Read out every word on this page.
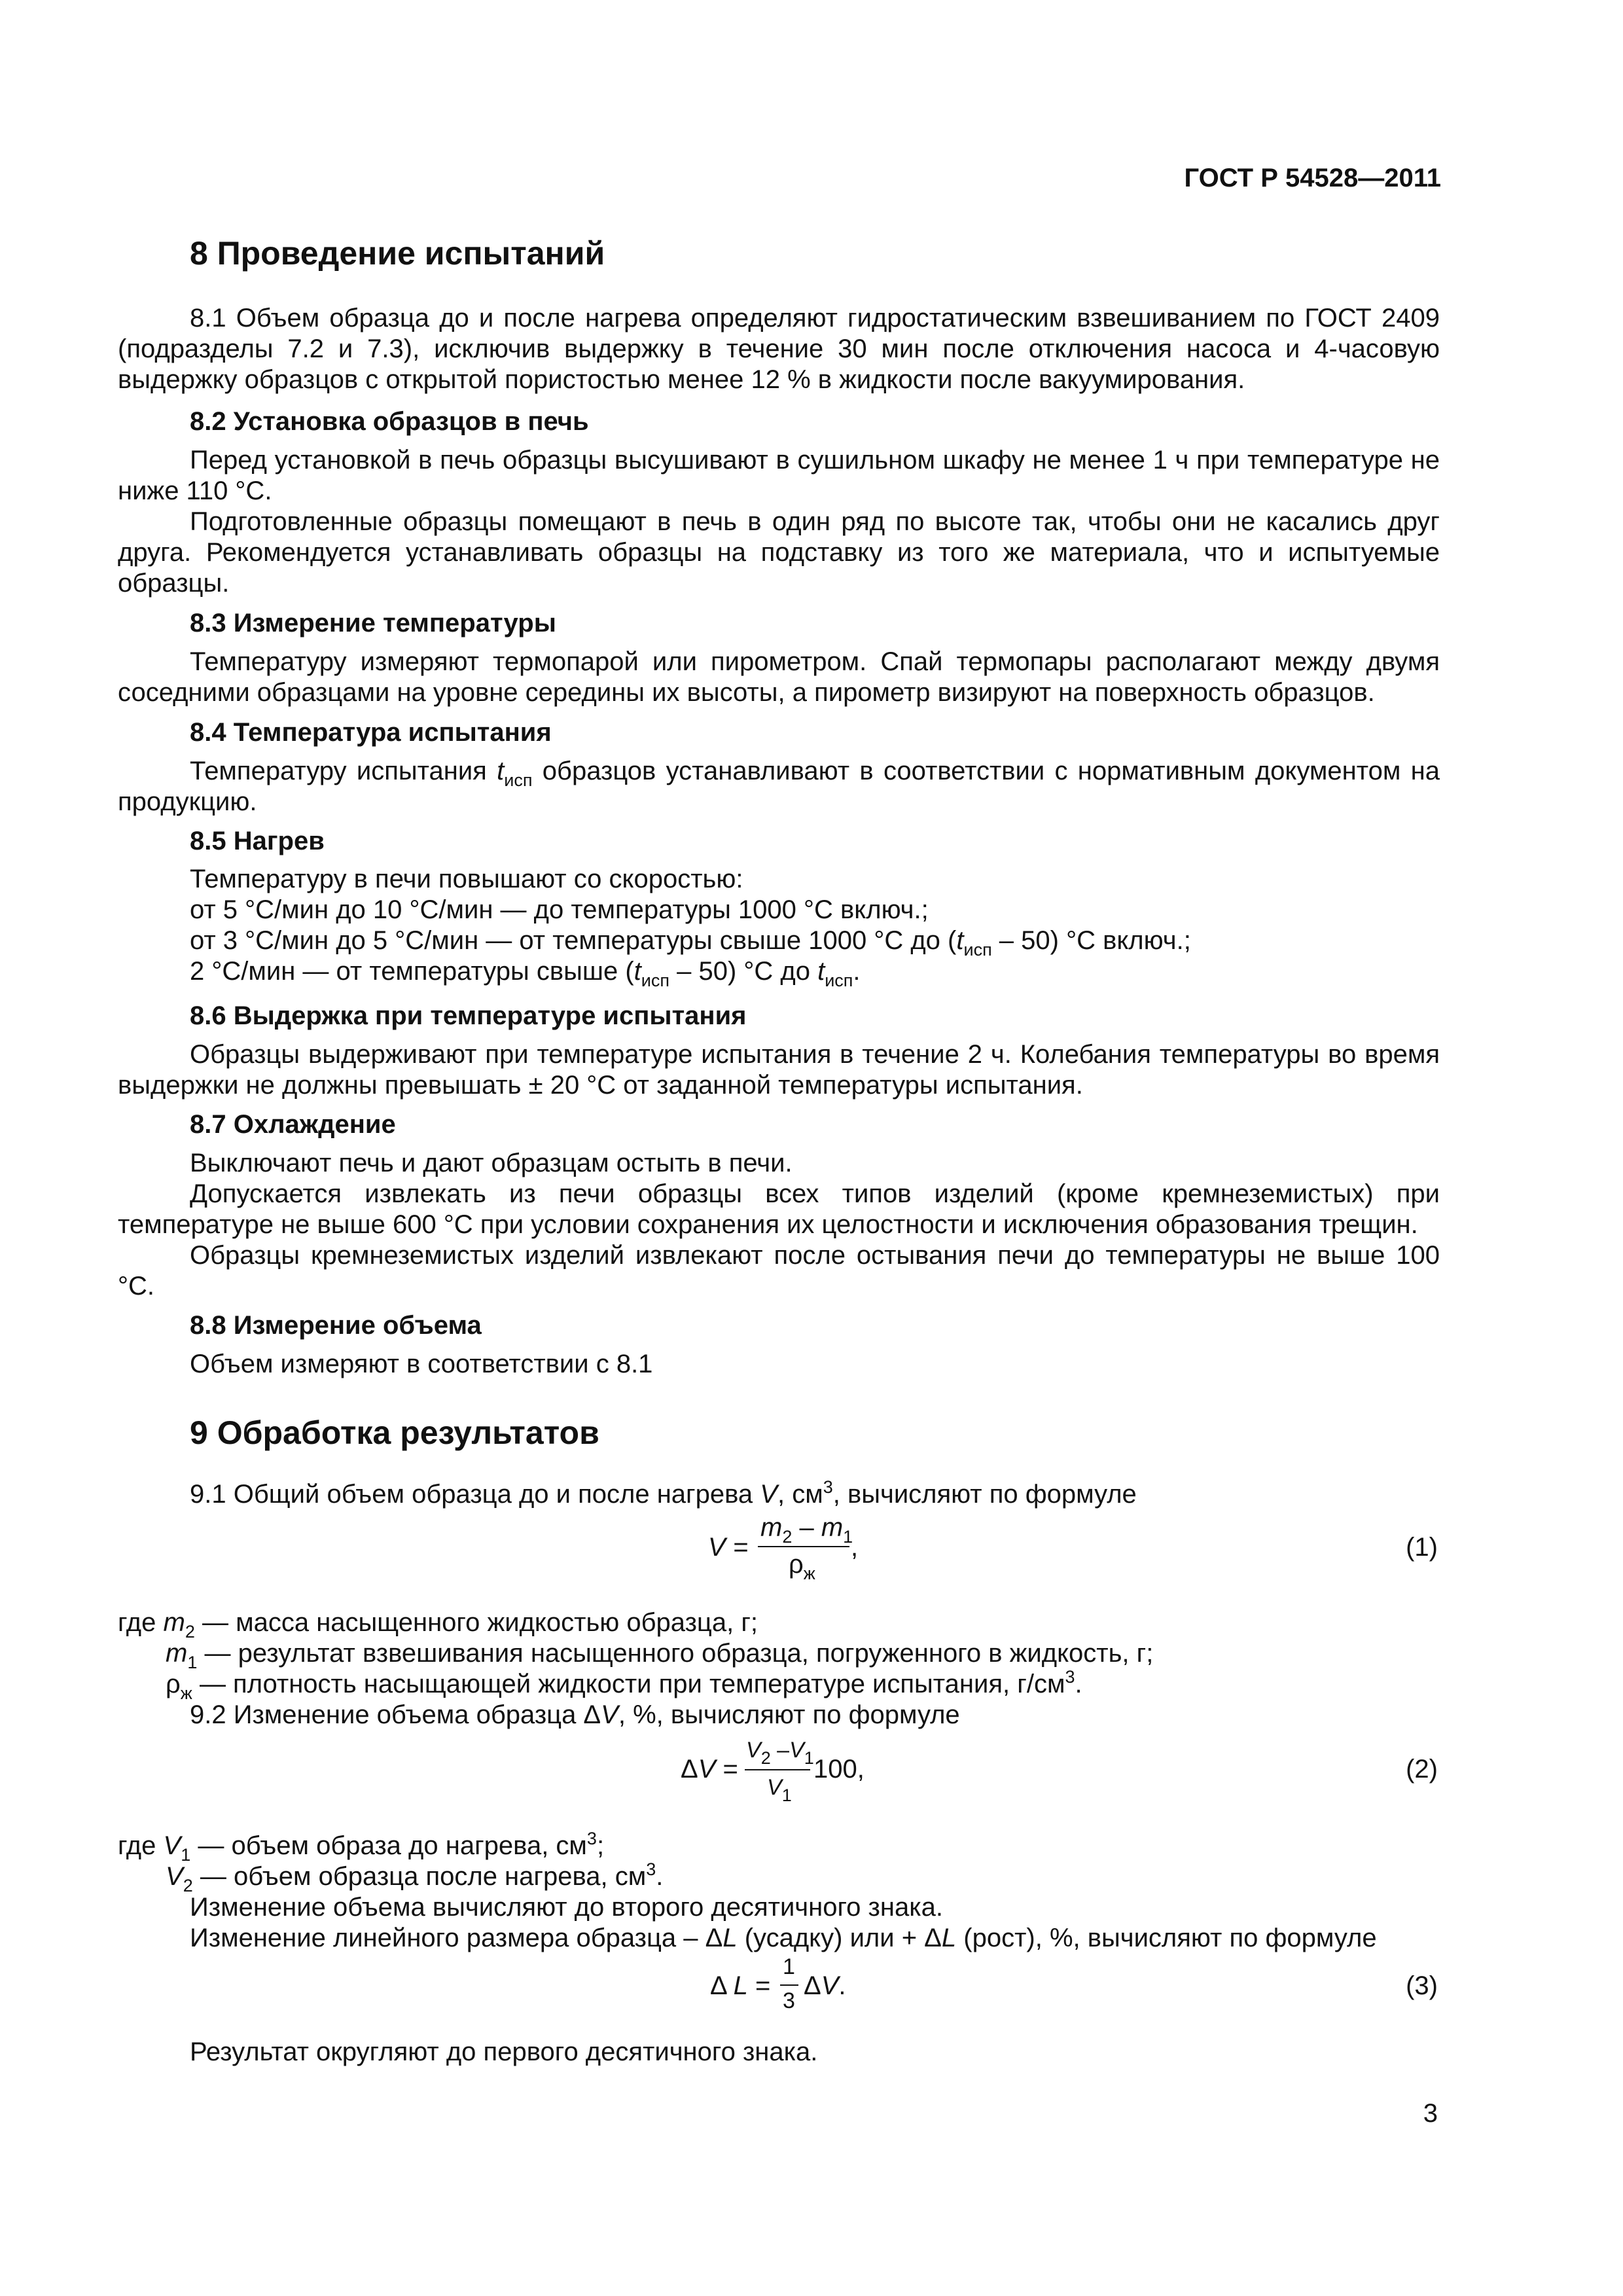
ГОСТ Р 54528—2011
8 Проведение испытаний
8.1 Объем образца до и после нагрева определяют гидростатическим взвешиванием по ГОСТ 2409 (подразделы 7.2 и 7.3), исключив выдержку в течение 30 мин после отключения насоса и 4-часовую выдержку образцов с открытой пористостью менее 12 % в жидкости после вакуумирования.
8.2 Установка образцов в печь
Перед установкой в печь образцы высушивают в сушильном шкафу не менее 1 ч при температуре не ниже 110 °С.
Подготовленные образцы помещают в печь в один ряд по высоте так, чтобы они не касались друг друга. Рекомендуется устанавливать образцы на подставку из того же материала, что и испытуемые образцы.
8.3 Измерение температуры
Температуру измеряют термопарой или пирометром. Спай термопары располагают между двумя соседними образцами на уровне середины их высоты, а пирометр визируют на поверхность образцов.
8.4 Температура испытания
Температуру испытания $t_{исп}$ образцов устанавливают в соответствии с нормативным документом на продукцию.
8.5 Нагрев
Температуру в печи повышают со скоростью:
от 5 °С/мин до 10 °С/мин — до температуры 1000 °С включ.;
от 3 °С/мин до 5 °С/мин — от температуры свыше 1000 °С до $(t_{исп} - 50)$ °С включ.;
2 °С/мин — от температуры свыше $(t_{исп} - 50)$ °С до $t_{исп}$.
8.6 Выдержка при температуре испытания
Образцы выдерживают при температуре испытания в течение 2 ч. Колебания температуры во время выдержки не должны превышать ± 20 °С от заданной температуры испытания.
8.7 Охлаждение
Выключают печь и дают образцам остыть в печи.
Допускается извлекать из печи образцы всех типов изделий (кроме кремнеземистых) при температуре не выше 600 °С при условии сохранения их целостности и исключения образования трещин.
Образцы кремнеземистых изделий извлекают после остывания печи до температуры не выше 100 °С.
8.8 Измерение объема
Объем измеряют в соответствии с 8.1
9 Обработка результатов
9.1 Общий объем образца до и после нагрева V, $см^3$, вычисляют по формуле
V =
$m_2 - m_1$
$\rho_ж$
,	(1)
где $m_2$ — масса насыщенного жидкостью образца, г;
$m_1$ — результат взвешивания насыщенного образца, погруженного в жидкость, г;
$\rho_ж$ — плотность насыщающей жидкости при температуре испытания, $г/см^3$.
9.2 Изменение объема образца ΔV, %, вычисляют по формуле
ΔV =
$V_2$ $-V_1$
$V_1$
100,	(2)
где $V_1$ — объем образа до нагрева, $см^3$;
$V_2$ — объем образца после нагрева, $см^3$.
Изменение объема вычисляют до второго десятичного знака.
Изменение линейного размера образца – ΔL (усадку) или + ΔL (рост), %, вычисляют по формуле
Δ L =
1
3
ΔV.	(3)
Результат округляют до первого десятичного знака.
3
